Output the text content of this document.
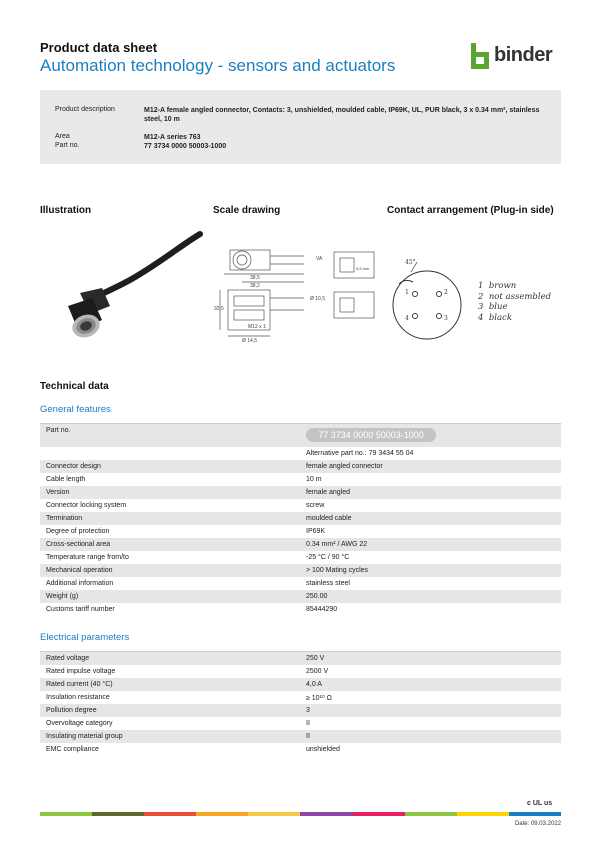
Product data sheet
Automation technology - sensors and actuators	binder
Product description	M12-A female angled connector, Contacts: 3, unshielded, moulded cable, IP69K, UL, PUR black, 3 x 0.34 mm², stainless steel, 10 m
Area	M12-A series 763
Part no.	77 3734 0000 50003-1000
Illustration	Scale drawing	Contact arrangement (Plug-in side)
38,5
38,2
32,5
M12 x 1
Ø 14,5
Ø 10,5
5,5 mm
VA	45°
1	2
3
4
1 brown
2 not assembled
3 blue
4 black
Technical data
General features
Part no.	77 3734 0000 50003-1000
Alternative part no.: 79 3434 55 04
Connector design	female angled connector
Cable length	10 m
Version	female angled
Connector locking system	screw
Termination	moulded cable
Degree of protection	IP69K
Cross-sectional area	0.34 mm² / AWG 22
Temperature range from/to	-25 °C / 90 °C
Mechanical operation	> 100 Mating cycles
Additional information	stainless steel
Weight (g)	250.00
Customs tariff number	85444290
Electrical parameters
Rated voltage	250 V
Rated impulse voltage	2500 V
Rated current (40 °C)	4,0 A
Insulation resistance	≥ 10¹⁰ Ω
Pollution degree	3
Overvoltage category	II
Insulating material group	II
EMC compliance	unshielded
c UL us
Date: 09.03.2022
